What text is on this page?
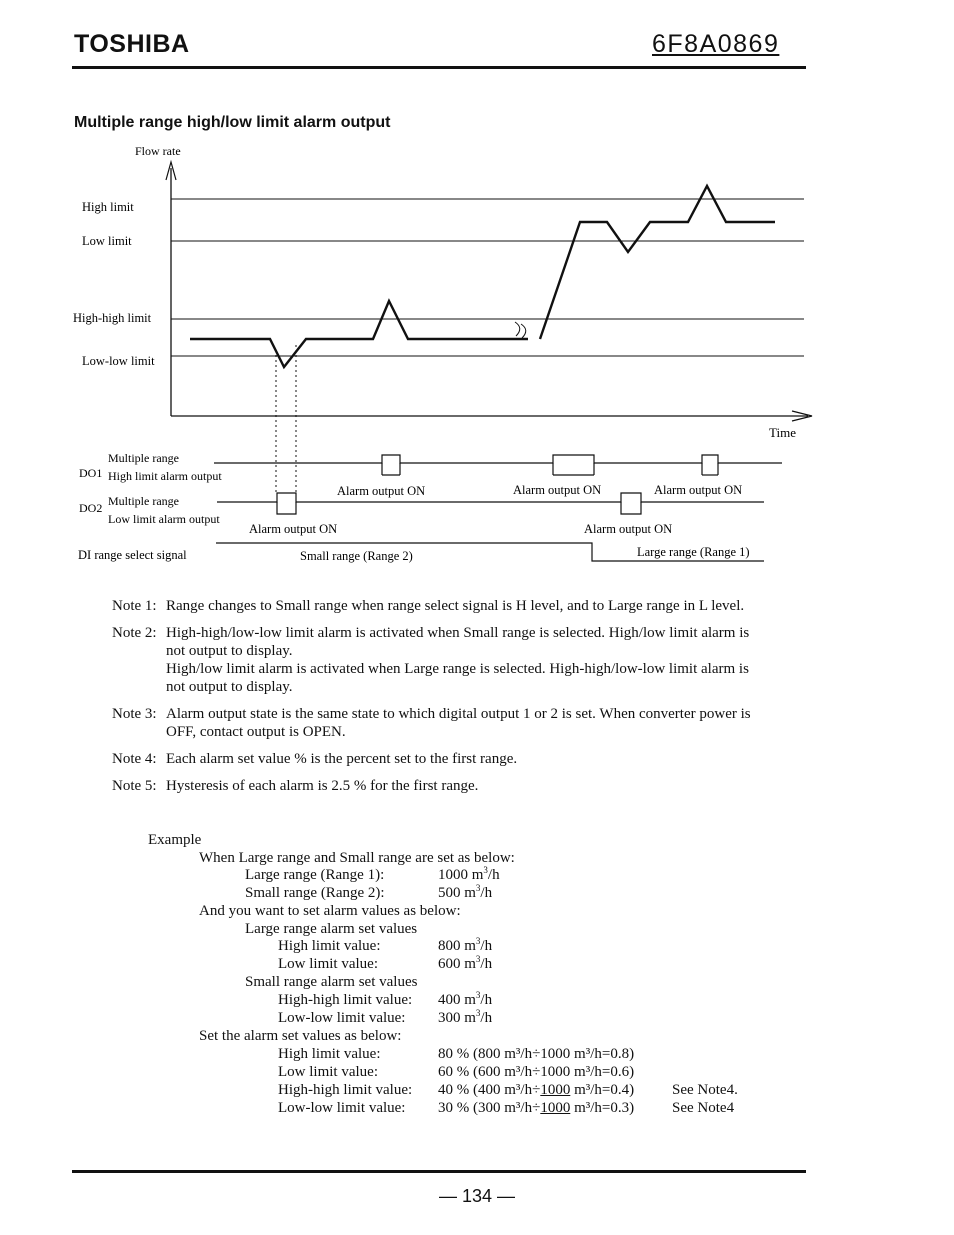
TOSHIBA	6F8A0869
Multiple range high/low limit alarm output
Flow rate
Time
High limit
Low limit
High-high limit
Low-low limit
Multiple range
DO1 High limit alarm output
Alarm output ON	Alarm output ON	Alarm output ON
Multiple range
DO2
Low limit alarm output
Alarm output ON	Alarm output ON
DI range select signal	Small range (Range 2)	Large range (Range 1)
Note 1: Range changes to Small range when range select signal is H level, and to Large range in L level.

Note 2: High-high/low-low limit alarm is activated when Small range is selected. High/low limit alarm is not output to display.

High/low limit alarm is activated when Large range is selected. High-high/low-low limit alarm is not output to display.

Note 3: Alarm output state is the same state to which digital output 1 or 2 is set. When converter power is OFF, contact output is OPEN.

Note 4: Each alarm set value % is the percent set to the first range.

Note 5: Hysteresis of each alarm is 2.5 % for the first range.

Example
When Large range and Small range are set as below:
Large range (Range 1):	1000 $m^3/h$
Small range (Range 2):	500 $m^3/h$
And you want to set alarm values as below:
Large range alarm set values
High limit value:	800 $m^3/h$
Low limit value:	600 $m^3/h$
Small range alarm set values
High-high limit value: 400 $m^3/h$
Low-low limit value: 300 $m^3/h$
Set the alarm set values as below:
High limit value:	80 % (800 m³/h÷1000 m³/h=0.8)
Low limit value:	60 % (600 m³/h÷1000 m³/h=0.6)
High-high limit value: 40 % (400 m³/h÷1000 m³/h=0.4)	See Note4.
Low-low limit value: 30 % (300 m³/h÷1000 m³/h=0.3)	See Note4
— 134 —
